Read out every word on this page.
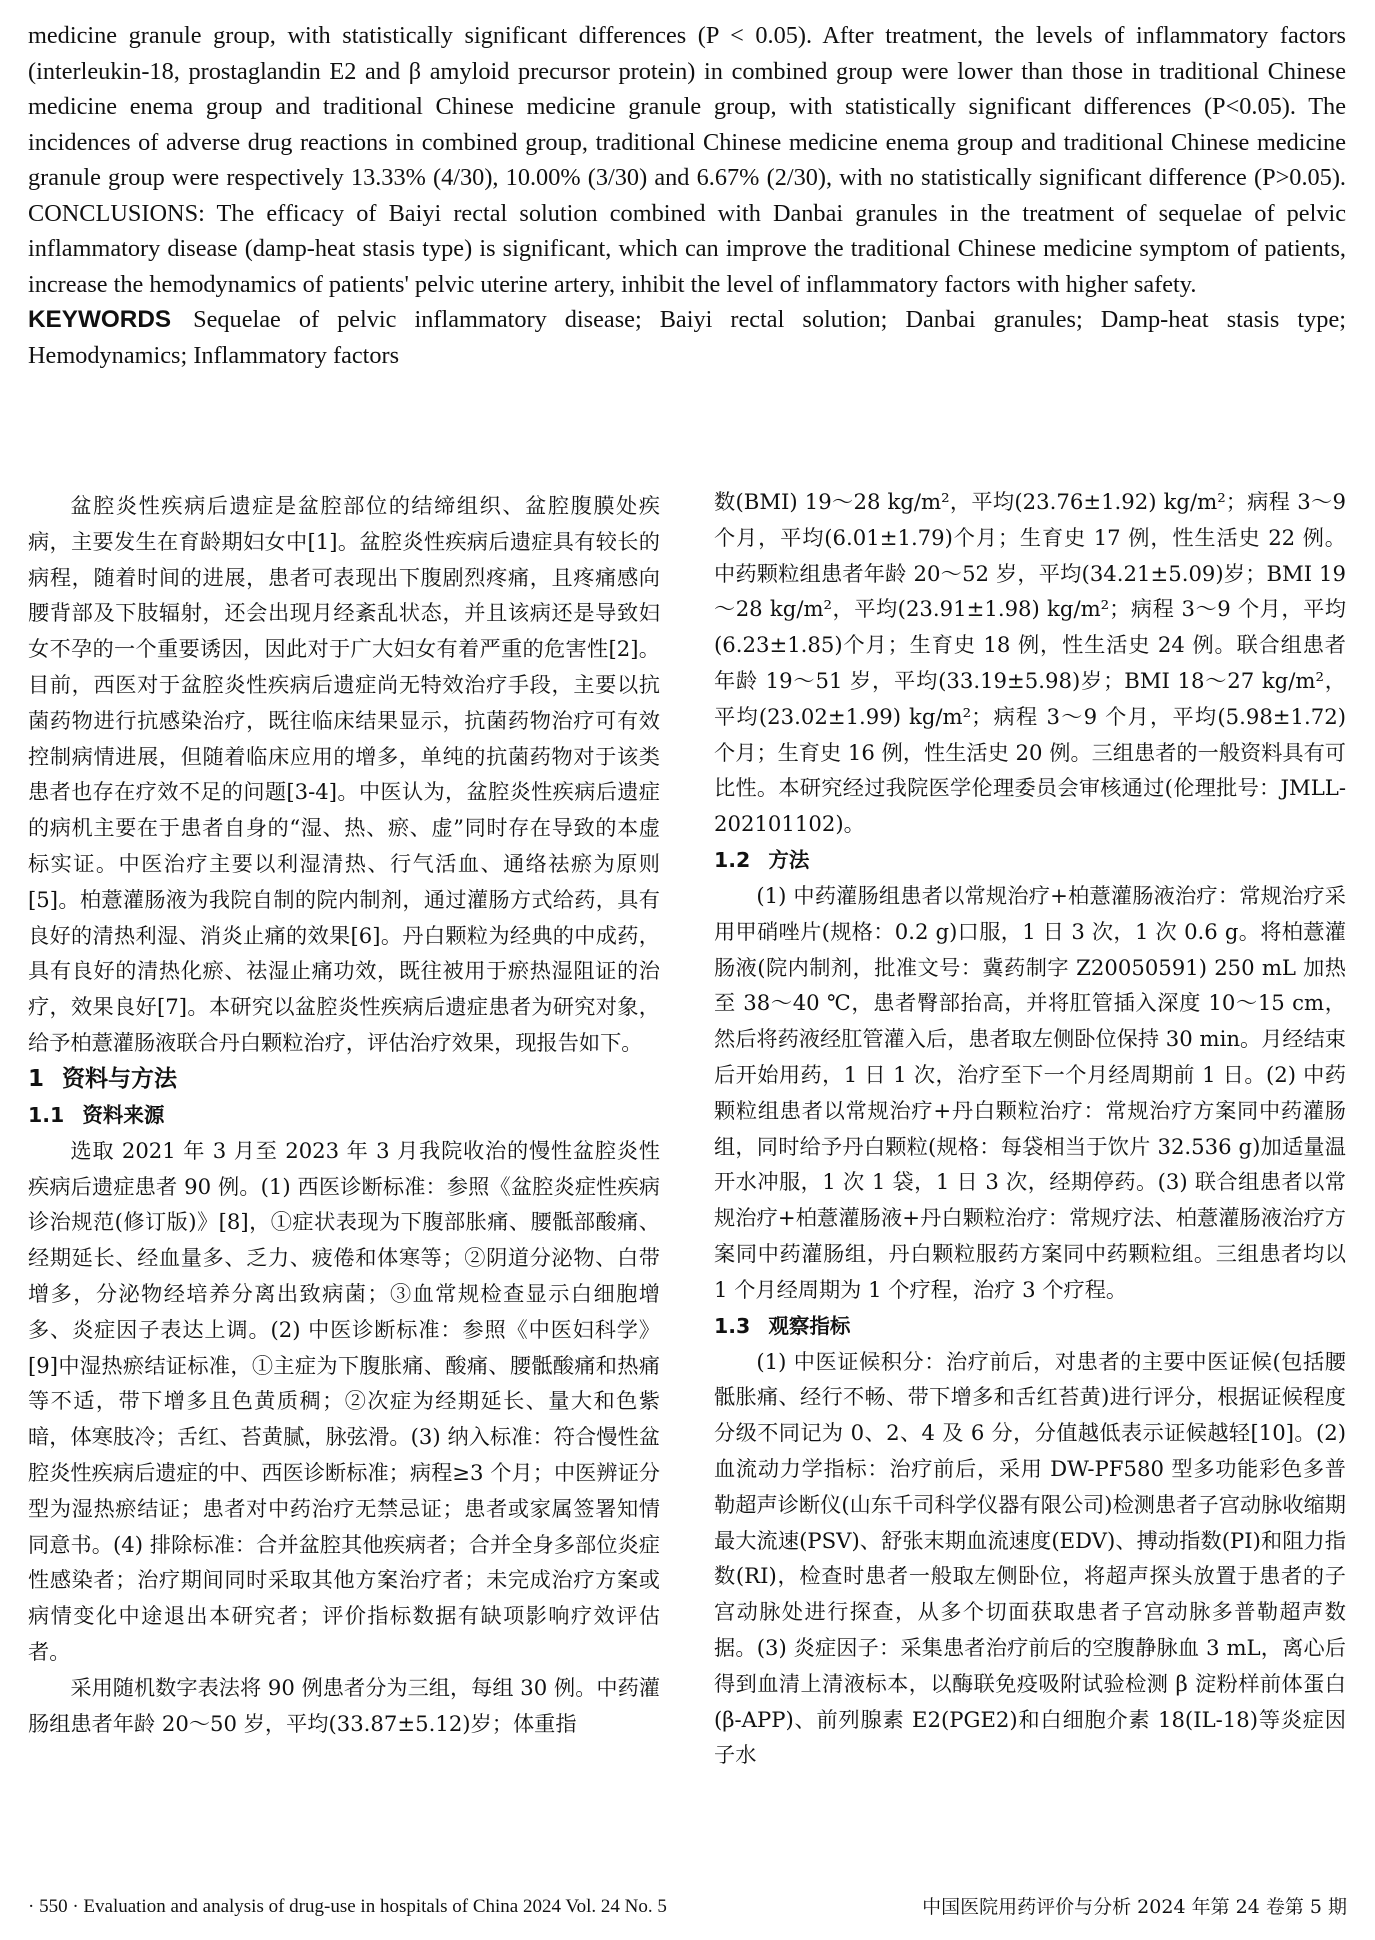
medicine granule group, with statistically significant differences (P < 0.05). After treatment, the levels of inflammatory factors (interleukin-18, prostaglandin E2 and β amyloid precursor protein) in combined group were lower than those in traditional Chinese medicine enema group and traditional Chinese medicine granule group, with statistically significant differences (P<0.05). The incidences of adverse drug reactions in combined group, traditional Chinese medicine enema group and traditional Chinese medicine granule group were respectively 13.33% (4/30), 10.00% (3/30) and 6.67% (2/30), with no statistically significant difference (P>0.05). CONCLUSIONS: The efficacy of Baiyi rectal solution combined with Danbai granules in the treatment of sequelae of pelvic inflammatory disease (damp-heat stasis type) is significant, which can improve the traditional Chinese medicine symptom of patients, increase the hemodynamics of patients' pelvic uterine artery, inhibit the level of inflammatory factors with higher safety.

KEYWORDS Sequelae of pelvic inflammatory disease; Baiyi rectal solution; Danbai granules; Damp-heat stasis type; Hemodynamics; Inflammatory factors

盆腔炎性疾病后遗症是盆腔部位的结缔组织、盆腔腹膜处疾病，主要发生在育龄期妇女中[1]。盆腔炎性疾病后遗症具有较长的病程，随着时间的进展，患者可表现出下腹剧烈疼痛，且疼痛感向腰背部及下肢辐射，还会出现月经紊乱状态，并且该病还是导致妇女不孕的一个重要诱因，因此对于广大妇女有着严重的危害性[2]。目前，西医对于盆腔炎性疾病后遗症尚无特效治疗手段，主要以抗菌药物进行抗感染治疗，既往临床结果显示，抗菌药物治疗可有效控制病情进展，但随着临床应用的增多，单纯的抗菌药物对于该类患者也存在疗效不足的问题[3-4]。中医认为，盆腔炎性疾病后遗症的病机主要在于患者自身的“湿、热、瘀、虚”同时存在导致的本虚标实证。中医治疗主要以利湿清热、行气活血、通络祛瘀为原则[5]。柏薏灌肠液为我院自制的院内制剂，通过灌肠方式给药，具有良好的清热利湿、消炎止痛的效果[6]。丹白颗粒为经典的中成药，具有良好的清热化瘀、祛湿止痛功效，既往被用于瘀热湿阻证的治疗，效果良好[7]。本研究以盆腔炎性疾病后遗症患者为研究对象，给予柏薏灌肠液联合丹白颗粒治疗，评估治疗效果，现报告如下。

1 资料与方法
1.1 资料来源

选取 2021 年 3 月至 2023 年 3 月我院收治的慢性盆腔炎性疾病后遗症患者 90 例。(1) 西医诊断标准：参照《盆腔炎症性疾病诊治规范(修订版)》[8]，①症状表现为下腹部胀痛、腰骶部酸痛、经期延长、经血量多、乏力、疲倦和体寒等；②阴道分泌物、白带增多，分泌物经培养分离出致病菌；③血常规检查显示白细胞增多、炎症因子表达上调。(2) 中医诊断标准：参照《中医妇科学》[9]中湿热瘀结证标准，①主症为下腹胀痛、酸痛、腰骶酸痛和热痛等不适，带下增多且色黄质稠；②次症为经期延长、量大和色紫暗，体寒肢冷；舌红、苔黄腻，脉弦滑。(3) 纳入标准：符合慢性盆腔炎性疾病后遗症的中、西医诊断标准；病程≥3 个月；中医辨证分型为湿热瘀结证；患者对中药治疗无禁忌证；患者或家属签署知情同意书。(4) 排除标准：合并盆腔其他疾病者；合并全身多部位炎症性感染者；治疗期间同时采取其他方案治疗者；未完成治疗方案或病情变化中途退出本研究者；评价指标数据有缺项影响疗效评估者。

采用随机数字表法将 90 例患者分为三组，每组 30 例。中药灌肠组患者年龄 20～50 岁，平均(33.87±5.12)岁；体重指

数(BMI) 19～28 kg/m²，平均(23.76±1.92) kg/m²；病程 3～9 个月，平均(6.01±1.79)个月；生育史 17 例，性生活史 22 例。中药颗粒组患者年龄 20～52 岁，平均(34.21±5.09)岁；BMI 19～28 kg/m²，平均(23.91±1.98) kg/m²；病程 3～9 个月，平均(6.23±1.85)个月；生育史 18 例，性生活史 24 例。联合组患者年龄 19～51 岁，平均(33.19±5.98)岁；BMI 18～27 kg/m²，平均(23.02±1.99) kg/m²；病程 3～9 个月，平均(5.98±1.72)个月；生育史 16 例，性生活史 20 例。三组患者的一般资料具有可比性。本研究经过我院医学伦理委员会审核通过(伦理批号：JMLL-202101102)。

1.2 方法

(1) 中药灌肠组患者以常规治疗+柏薏灌肠液治疗：常规治疗采用甲硝唑片(规格：0.2 g)口服，1 日 3 次，1 次 0.6 g。将柏薏灌肠液(院内制剂，批准文号：冀药制字 Z20050591) 250 mL 加热至 38～40 ℃，患者臀部抬高，并将肛管插入深度 10～15 cm，然后将药液经肛管灌入后，患者取左侧卧位保持 30 min。月经结束后开始用药，1 日 1 次，治疗至下一个月经周期前 1 日。(2) 中药颗粒组患者以常规治疗+丹白颗粒治疗：常规治疗方案同中药灌肠组，同时给予丹白颗粒(规格：每袋相当于饮片 32.536 g)加适量温开水冲服，1 次 1 袋，1 日 3 次，经期停药。(3) 联合组患者以常规治疗+柏薏灌肠液+丹白颗粒治疗：常规疗法、柏薏灌肠液治疗方案同中药灌肠组，丹白颗粒服药方案同中药颗粒组。三组患者均以 1 个月经周期为 1 个疗程，治疗 3 个疗程。

1.3 观察指标

(1) 中医证候积分：治疗前后，对患者的主要中医证候(包括腰骶胀痛、经行不畅、带下增多和舌红苔黄)进行评分，根据证候程度分级不同记为 0、2、4 及 6 分，分值越低表示证候越轻[10]。(2) 血流动力学指标：治疗前后，采用 DW-PF580 型多功能彩色多普勒超声诊断仪(山东千司科学仪器有限公司)检测患者子宫动脉收缩期最大流速(PSV)、舒张末期血流速度(EDV)、搏动指数(PI)和阻力指数(RI)，检查时患者一般取左侧卧位，将超声探头放置于患者的子宫动脉处进行探查，从多个切面获取患者子宫动脉多普勒超声数据。(3) 炎症因子：采集患者治疗前后的空腹静脉血 3 mL，离心后得到血清上清液标本，以酶联免疫吸附试验检测 β 淀粉样前体蛋白(β-APP)、前列腺素 E2(PGE2)和白细胞介素 18(IL-18)等炎症因子水

· 550 · Evaluation and analysis of drug-use in hospitals of China 2024 Vol. 24 No. 5	中国医院用药评价与分析 2024 年第 24 卷第 5 期
